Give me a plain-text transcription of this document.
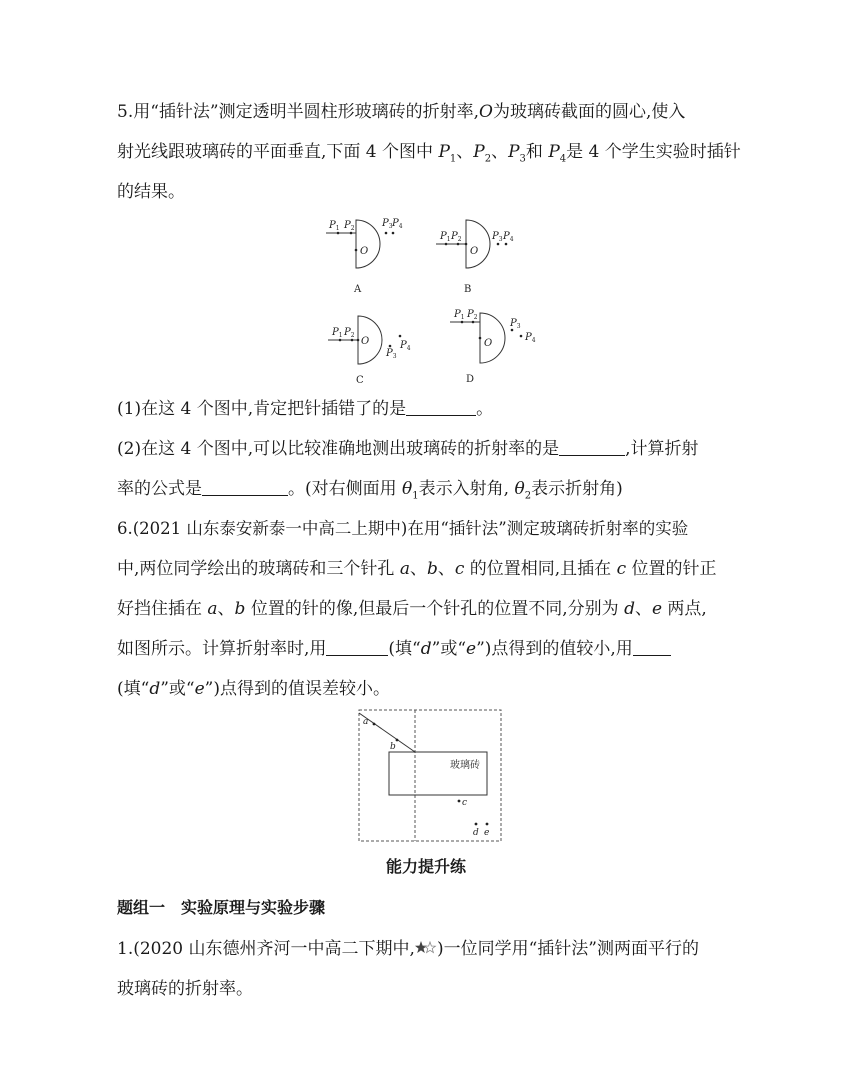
5.用“插针法”测定透明半圆柱形玻璃砖的折射率,O为玻璃砖截面的圆心,使入
射光线跟玻璃砖的平面垂直,下面 4 个图中 $P_1$、$P_2$、$P_3$和 $P_4$是 4 个学生实验时插针
的结果。
$P_1$ $P_2$
O
$P_3$ $P_4$
A
$P_1$ $P_2$
O
$P_3$ $P_4$
B
$P_1$ $P_2$
O
$P_3$
$P_4$
C
$P_1$ $P_2$
O
$P_3$
$P_4$
D
(1)在这 4 个图中,肯定把针插错了的是	。
(2)在这 4 个图中,可以比较准确地测出玻璃砖的折射率的是	,计算折射
率的公式是	。(对右侧面用 $\theta_1$表示入射角, $\theta_2$表示折射角)
6.(2021 山东泰安新泰一中高二上期中)在用“插针法”测定玻璃砖折射率的实验
中,两位同学绘出的玻璃砖和三个针孔 a、b、c 的位置相同,且插在 c 位置的针正
好挡住插在 a、b 位置的针的像,但最后一个针孔的位置不同,分别为 d、e 两点,
如图所示。计算折射率时,用	(填“d”或“e”)点得到的值较小,用
(填“d”或“e”)点得到的值误差较小。
a
b
c
d e
玻璃砖
能力提升练
题组一　实验原理与实验步骤
1.(2020 山东德州齐河一中高二下期中, )一位同学用“插针法”测两面平行的
玻璃砖的折射率。
